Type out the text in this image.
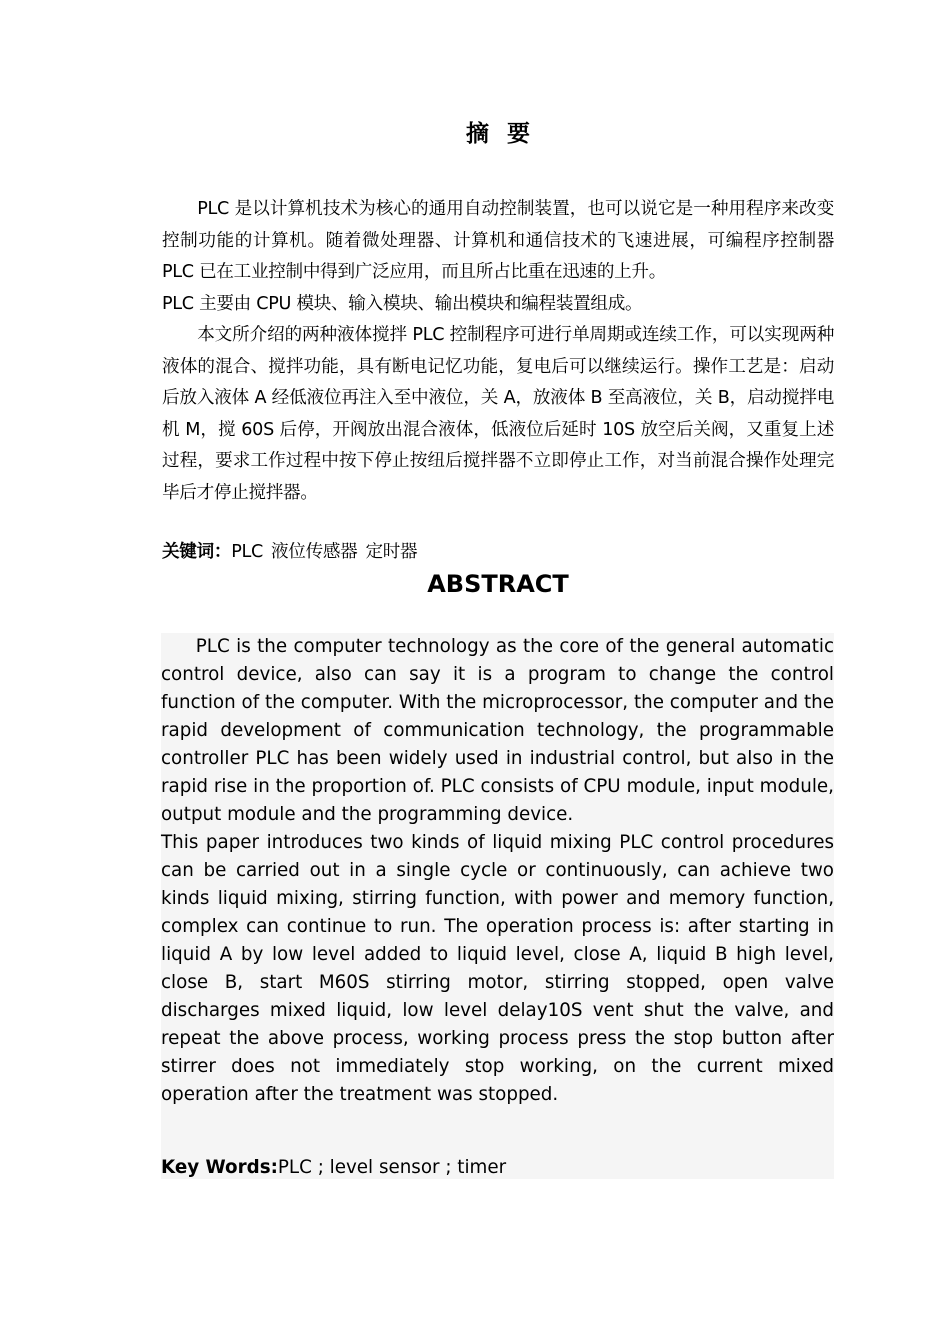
摘 要

PLC 是以计算机技术为核心的通用自动控制装置，也可以说它是一种用程序来改变控制功能的计算机。随着微处理器、计算机和通信技术的飞速进展，可编程序控制器 PLC 已在工业控制中得到广泛应用，而且所占比重在迅速的上升。

PLC 主要由 CPU 模块、输入模块、输出模块和编程装置组成。

本文所介绍的两种液体搅拌 PLC 控制程序可进行单周期或连续工作，可以实现两种液体的混合、搅拌功能，具有断电记忆功能，复电后可以继续运行。操作工艺是：启动后放入液体 A 经低液位再注入至中液位，关 A，放液体 B 至高液位，关 B，启动搅拌电机 M，搅 60S 后停，开阀放出混合液体，低液位后延时 10S 放空后关阀，又重复上述过程，要求工作过程中按下停止按纽后搅拌器不立即停止工作，对当前混合操作处理完毕后才停止搅拌器。

关键词：PLC 液位传感器 定时器
ABSTRACT

PLC is the computer technology as the core of the general automatic control device, also can say it is a program to change the control function of the computer. With the microprocessor, the computer and the rapid development of communication technology, the programmable controller PLC has been widely used in industrial control, but also in the rapid rise in the proportion of. PLC consists of CPU module, input module, output module and the programming device.

This paper introduces two kinds of liquid mixing PLC control procedures can be carried out in a single cycle or continuously, can achieve two kinds liquid mixing, stirring function, with power and memory function, complex can continue to run. The operation process is: after starting in liquid A by low level added to liquid level, close A, liquid B high level, close B, start M60S stirring motor, stirring stopped, open valve discharges mixed liquid, low level delay10S vent shut the valve, and repeat the above process, working process press the stop button after stirrer does not immediately stop working, on the current mixed operation after the treatment was stopped.

Key Words:PLC ; level sensor ; timer
